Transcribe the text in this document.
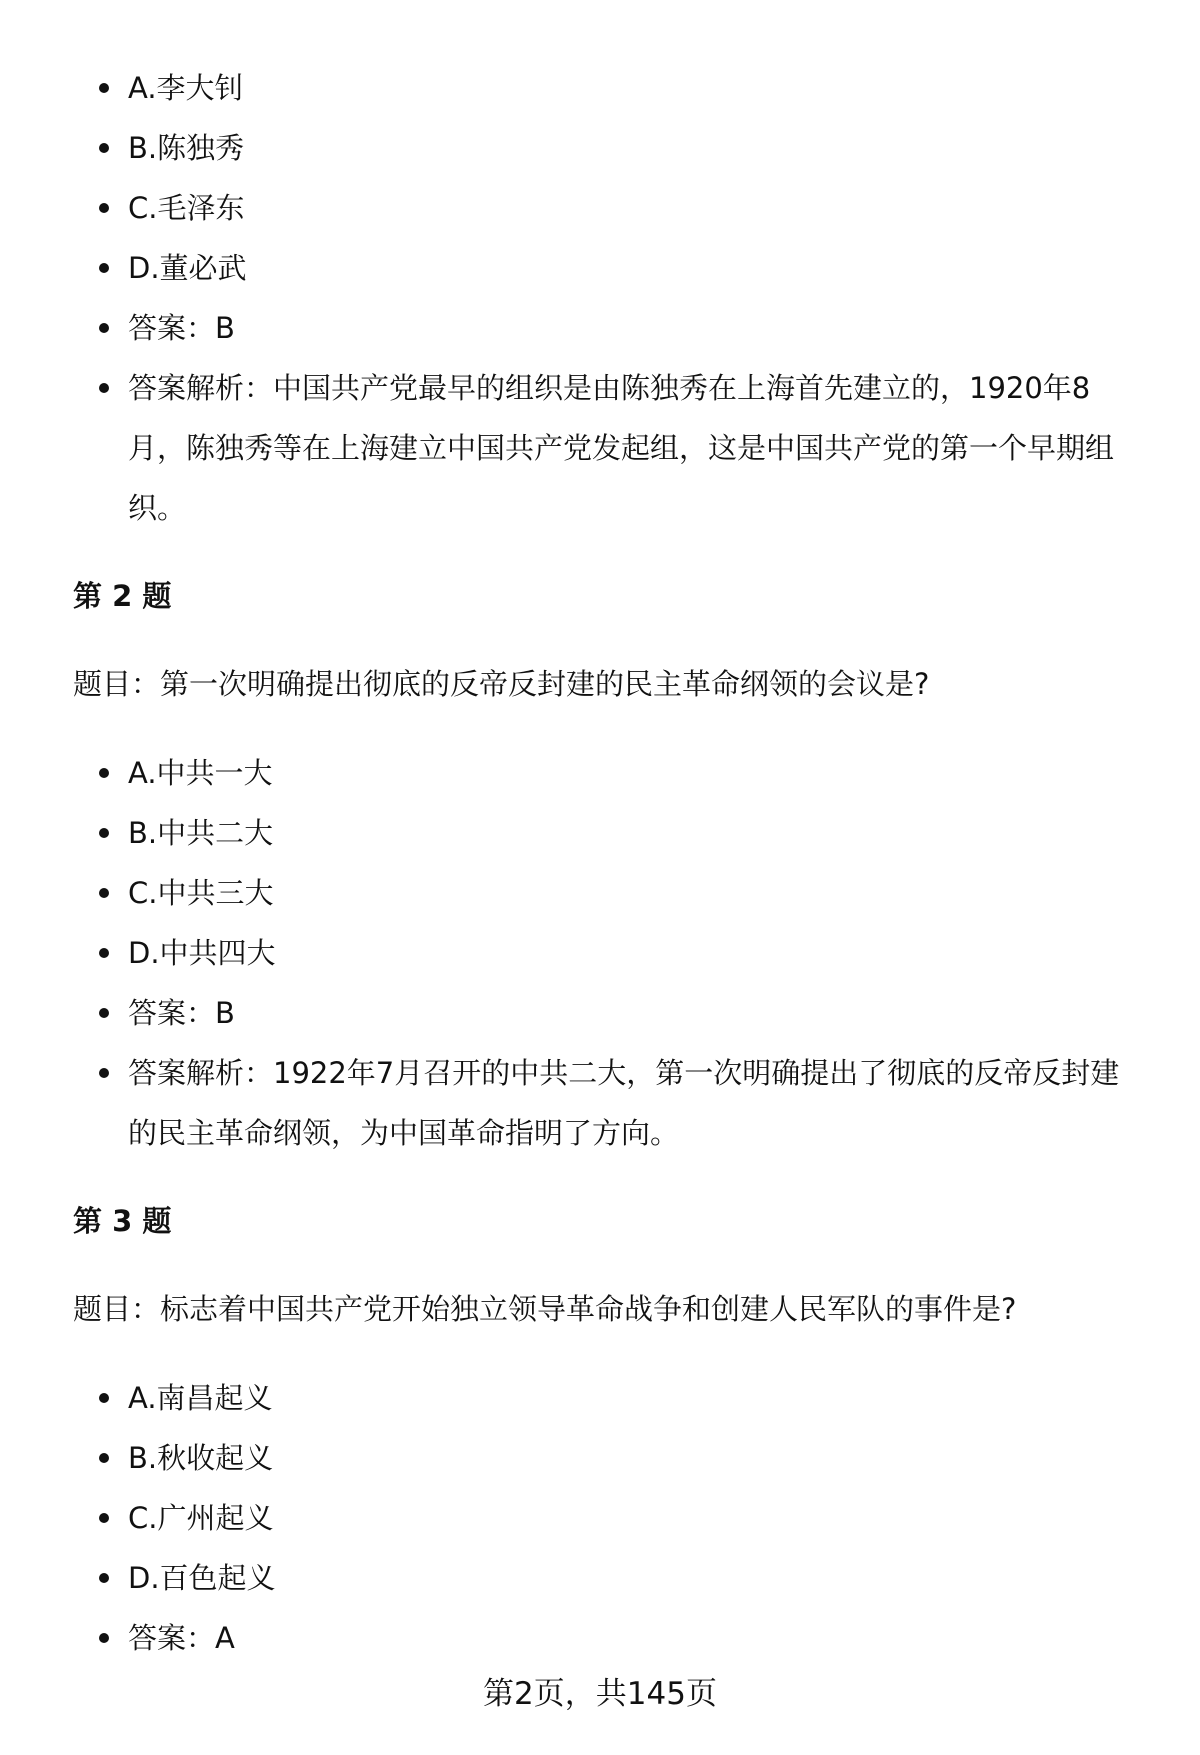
A.李大钊
B.陈独秀
C.毛泽东
D.董必武
答案：B
答案解析：中国共产党最早的组织是由陈独秀在上海首先建立的，1920年8月，陈独秀等在上海建立中国共产党发起组，这是中国共产党的第一个早期组织。
第 2 题

题目：第一次明确提出彻底的反帝反封建的民主革命纲领的会议是?

A.中共一大
B.中共二大
C.中共三大
D.中共四大
答案：B
答案解析：1922年7月召开的中共二大，第一次明确提出了彻底的反帝反封建的民主革命纲领，为中国革命指明了方向。
第 3 题

题目：标志着中国共产党开始独立领导革命战争和创建人民军队的事件是?

A.南昌起义
B.秋收起义
C.广州起义
D.百色起义
答案：A
第2页，共145页
